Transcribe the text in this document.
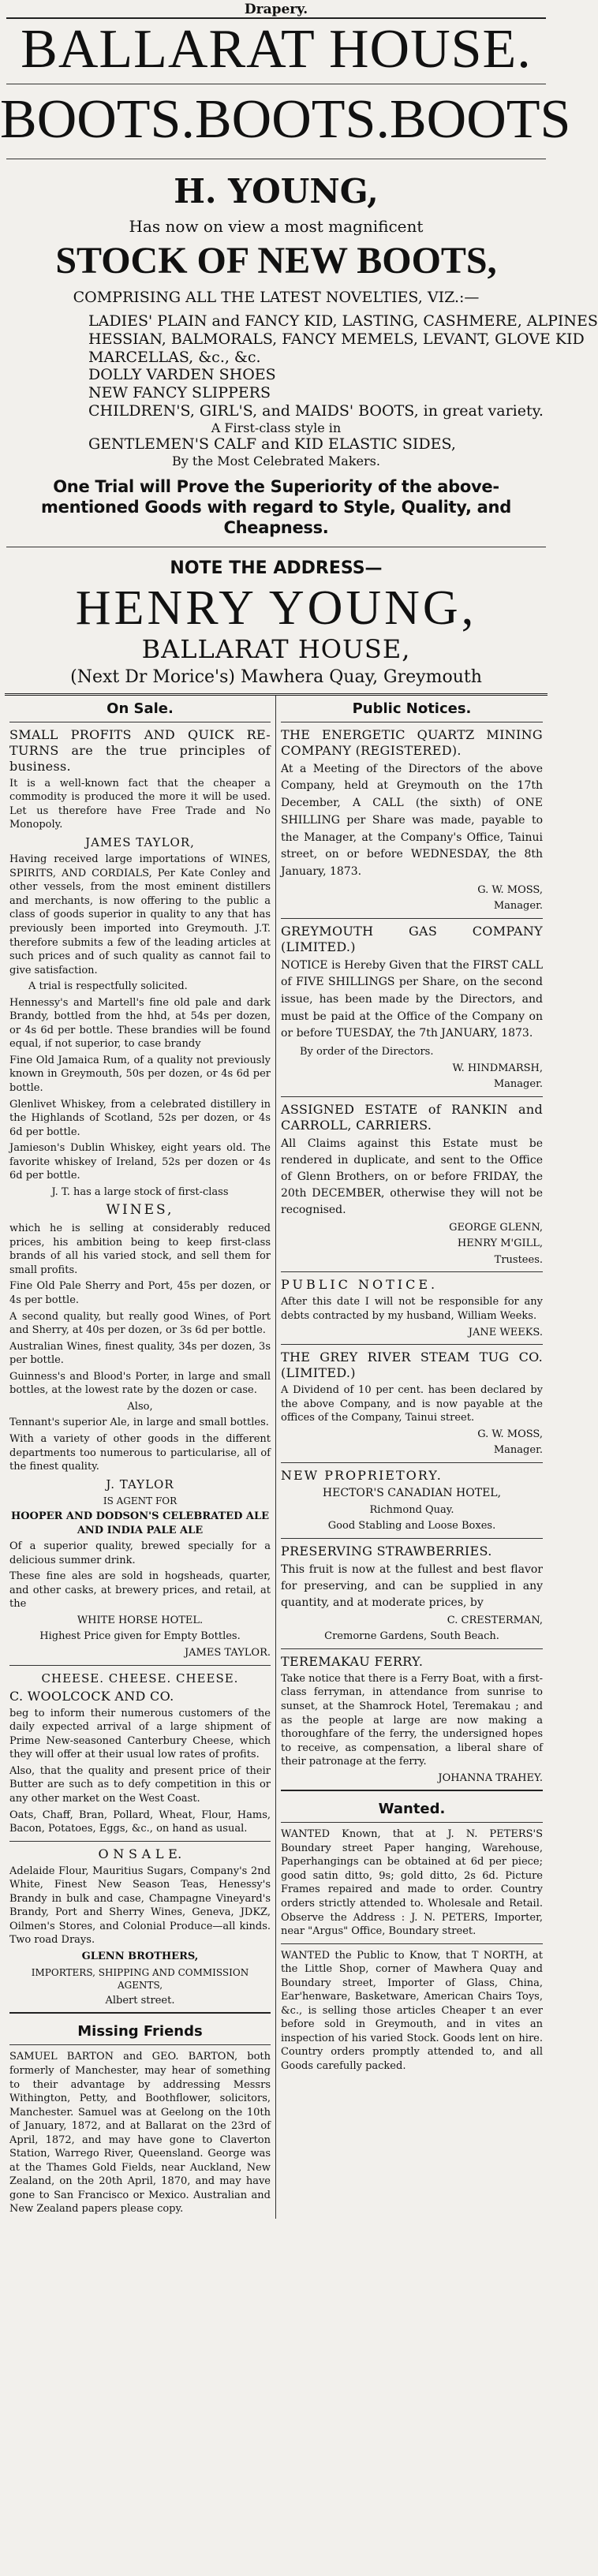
Drapery.
BALLARAT HOUSE.
BOOTS. BOOTS. BOOTS
H. YOUNG,
Has now on view a most magnificent
STOCK OF NEW BOOTS,
COMPRISING ALL THE LATEST NOVELTIES, VIZ.:—
LADIES' PLAIN and FANCY KID, LASTING, CASHMERE, ALPINES
HESSIAN, BALMORALS, FANCY MEMELS, LEVANT, GLOVE KID
MARCELLAS, &c., &c.
DOLLY VARDEN SHOES
NEW FANCY SLIPPERS
CHILDREN'S, GIRL'S, and MAIDS' BOOTS, in great variety.
A First-class style in
GENTLEMEN'S CALF and KID ELASTIC SIDES,
By the Most Celebrated Makers.
One Trial will Prove the Superiority of the above-mentioned Goods with regard to Style, Quality, and Cheapness.
NOTE THE ADDRESS—
HENRY YOUNG,
BALLARAT HOUSE,
(Next Dr Morice's) Mawhera Quay, Greymouth
On Sale.
SMALL PROFITS AND QUICK RE-TURNS are the true principles of business.
It is a well-known fact that the cheaper a commodity is produced the more it will be used. Let us therefore have Free Trade and No Monopoly.
JAMES TAYLOR,
Having received large importations of WINES, SPIRITS, AND CORDIALS, Per Kate Conley and other vessels, from the most eminent distillers and merchants, is now offering to the public a class of goods superior in quality to any that has previously been imported into Greymouth. J.T. therefore submits a few of the leading articles at such prices and of such quality as cannot fail to give satisfaction.
A trial is respectfully solicited.
Hennessy's and Martell's fine old pale and dark Brandy, bottled from the hhd, at 54s per dozen, or 4s 6d per bottle. These brandies will be found equal, if not superior, to case brandy
Fine Old Jamaica Rum, of a quality not previously known in Greymouth, 50s per dozen, or 4s 6d per bottle.
Glenlivet Whiskey, from a celebrated distillery in the Highlands of Scotland, 52s per dozen, or 4s 6d per bottle.
Jamieson's Dublin Whiskey, eight years old. The favorite whiskey of Ireland, 52s per dozen or 4s 6d per bottle.
J. T. has a large stock of first-class
WINES,
which he is selling at considerably reduced prices, his ambition being to keep first-class brands of all his varied stock, and sell them for small profits.
Fine Old Pale Sherry and Port, 45s per dozen, or 4s per bottle.
A second quality, but really good Wines, of Port and Sherry, at 40s per dozen, or 3s 6d per bottle.
Australian Wines, finest quality, 34s per dozen, 3s per bottle.
Guinness's and Blood's Porter, in large and small bottles, at the lowest rate by the dozen or case.
Also,
Tennant's superior Ale, in large and small bottles.
With a variety of other goods in the different departments too numerous to particularise, all of the finest quality.
J. TAYLOR
IS AGENT FOR
HOOPER AND DODSON'S CELEBRATED ALE AND INDIA PALE ALE
Of a superior quality, brewed specially for a delicious summer drink.
These fine ales are sold in hogsheads, quarter, and other casks, at brewery prices, and retail, at the
WHITE HORSE HOTEL.
Highest Price given for Empty Bottles.
JAMES TAYLOR.
CHEESE. CHEESE. CHEESE.
C. WOOLCOCK AND CO.
beg to inform their numerous customers of the daily expected arrival of a large shipment of Prime New-seasoned Canterbury Cheese, which they will offer at their usual low rates of profits.
Also, that the quality and present price of their Butter are such as to defy competition in this or any other market on the West Coast.
Oats, Chaff, Bran, Pollard, Wheat, Flour, Hams, Bacon, Potatoes, Eggs, &c., on hand as usual.
O N S A L E.
Adelaide Flour, Mauritius Sugars, Company's 2nd White, Finest New Season Teas, Henessy's Brandy in bulk and case, Champagne Vineyard's Brandy, Port and Sherry Wines, Geneva, JDKZ, Oilmen's Stores, and Colonial Produce—all kinds. Two road Drays.
GLENN BROTHERS,
IMPORTERS, SHIPPING AND COMMISSION AGENTS,
Albert street.
Missing Friends
SAMUEL BARTON and GEO. BARTON, both formerly of Manchester, may hear of something to their advantage by addressing Messrs Withington, Petty, and Boothflower, solicitors, Manchester. Samuel was at Geelong on the 10th of January, 1872, and at Ballarat on the 23rd of April, 1872, and may have gone to Claverton Station, Warrego River, Queensland. George was at the Thames Gold Fields, near Auckland, New Zealand, on the 20th April, 1870, and may have gone to San Francisco or Mexico. Australian and New Zealand papers please copy.
Public Notices.
THE ENERGETIC QUARTZ MINING COMPANY (REGISTERED).
At a Meeting of the Directors of the above Company, held at Greymouth on the 17th December, A CALL (the sixth) of ONE SHILLING per Share was made, payable to the Manager, at the Company's Office, Tainui street, on or before WEDNESDAY, the 8th January, 1873.
G. W. MOSS,
Manager.
GREYMOUTH GAS COMPANY (LIMITED.)
NOTICE is Hereby Given that the FIRST CALL of FIVE SHILLINGS per Share, on the second issue, has been made by the Directors, and must be paid at the Office of the Company on or before TUESDAY, the 7th JANUARY, 1873.
By order of the Directors.
W. HINDMARSH,
Manager.
ASSIGNED ESTATE of RANKIN and CARROLL, CARRIERS.
All Claims against this Estate must be rendered in duplicate, and sent to the Office of Glenn Brothers, on or before FRIDAY, the 20th DECEMBER, otherwise they will not be recognised.
GEORGE GLENN,
HENRY M'GILL,
Trustees.
PUBLIC NOTICE.
After this date I will not be responsible for any debts contracted by my husband, William Weeks.
JANE WEEKS.
THE GREY RIVER STEAM TUG CO. (LIMITED.)
A Dividend of 10 per cent. has been declared by the above Company, and is now payable at the offices of the Company, Tainui street.
G. W. MOSS,
Manager.
NEW PROPRIETORY.
HECTOR'S CANADIAN HOTEL,
Richmond Quay.
Good Stabling and Loose Boxes.
PRESERVING STRAWBERRIES.
This fruit is now at the fullest and best flavor for preserving, and can be supplied in any quantity, and at moderate prices, by
C. CRESTERMAN,
Cremorne Gardens, South Beach.
TEREMAKAU FERRY.
Take notice that there is a Ferry Boat, with a first-class ferryman, in attendance from sunrise to sunset, at the Shamrock Hotel, Teremakau ; and as the people at large are now making a thoroughfare of the ferry, the undersigned hopes to receive, as compensation, a liberal share of their patronage at the ferry.
JOHANNA TRAHEY.
Wanted.
WANTED Known, that at J. N. PETERS'S Boundary street Paper hanging, Warehouse, Paperhangings can be obtained at 6d per piece; good satin ditto, 9s; gold ditto, 2s 6d. Picture Frames repaired and made to order. Country orders strictly attended to. Wholesale and Retail. Observe the Address : J. N. PETERS, Importer, near "Argus" Office, Boundary street.
WANTED the Public to Know, that T NORTH, at the Little Shop, corner of Mawhera Quay and Boundary street, Importer of Glass, China, Ear'henware, Basketware, American Chairs Toys, &c., is selling those articles Cheaper t an ever before sold in Greymouth, and in vites an inspection of his varied Stock. Goods lent on hire. Country orders promptly attended to, and all Goods carefully packed.
